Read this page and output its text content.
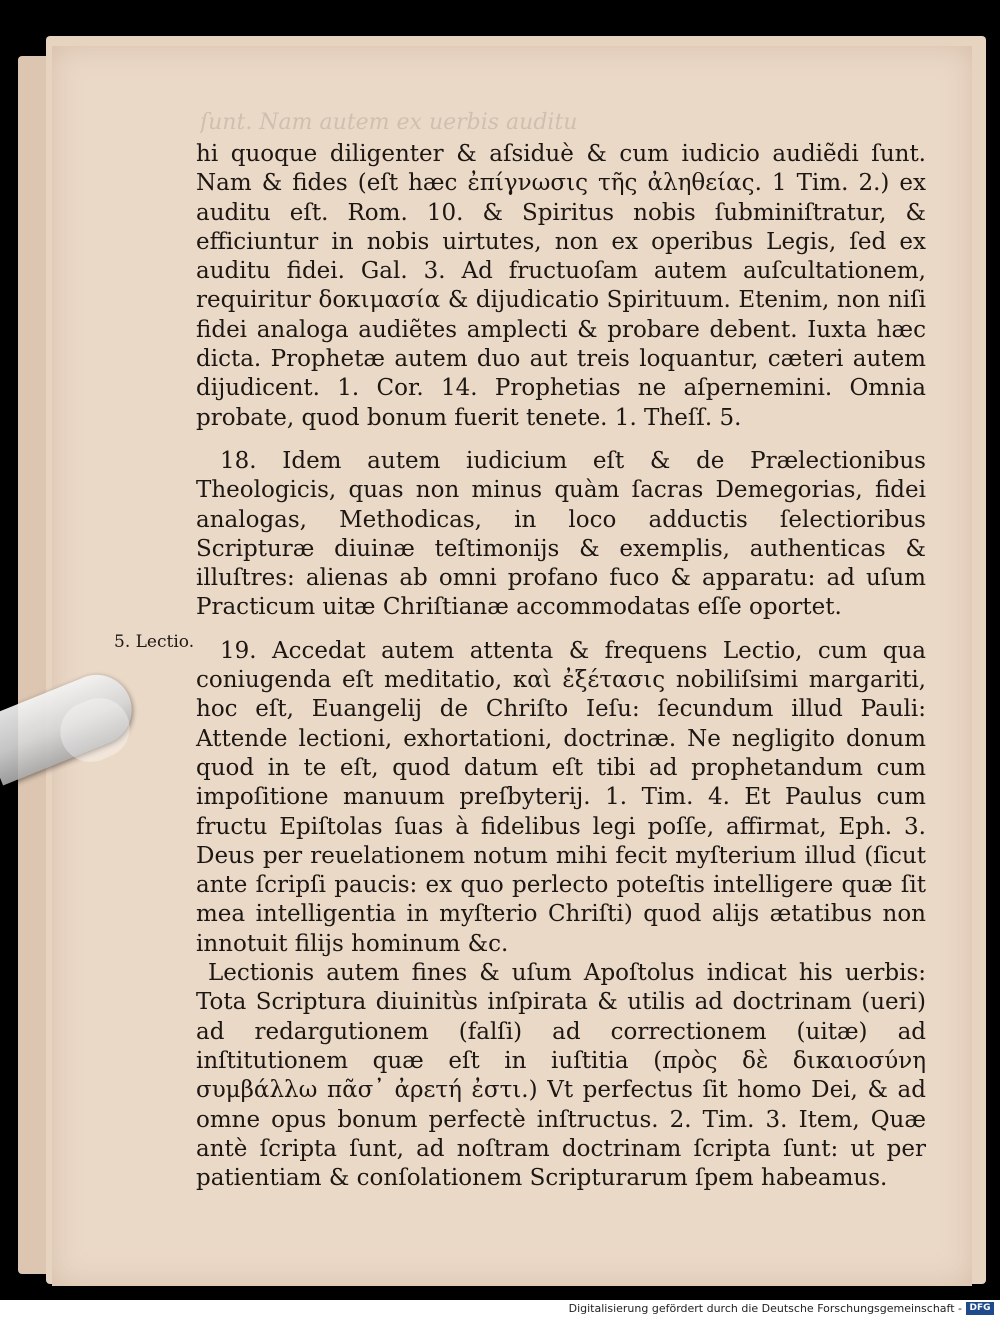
ſunt. Nam autem ex uerbis auditu

hi quoque diligenter & aſsiduè & cum iudicio audiẽdi ſunt. Nam & fides (eſt hæc ἐπίγνωσις τῆς ἀληθείας. 1 Tim. 2.) ex auditu eſt. Rom. 10. & Spiritus nobis ſubminiſtratur, & efficiuntur in nobis uirtutes, non ex operibus Legis, ſed ex auditu fidei. Gal. 3. Ad fructuoſam autem auſcultationem, requiritur δοκιμασία & dijudicatio Spirituum. Etenim, non niſi fidei analoga audiẽtes amplecti & probare debent. Iuxta hæc dicta. Prophetæ autem duo aut treis loquantur, cæteri autem dijudicent. 1. Cor. 14. Prophetias ne aſpernemini. Omnia probate, quod bonum fuerit tenete. 1. Theſſ. 5.

18. Idem autem iudicium eſt & de Prælectionibus Theologicis, quas non minus quàm ſacras Demegorias, fidei analogas, Methodicas, in loco adductis ſelectioribus Scripturæ diuinæ teſtimonijs & exemplis, authenticas & illuſtres: alienas ab omni profano fuco & apparatu: ad uſum Practicum uitæ Chriſtianæ accommodatas eſſe oportet.

19. Accedat autem attenta & frequens Lectio, cum qua coniugenda eſt meditatio, καὶ ἐξέτασις nobiliſsimi margariti, hoc eſt, Euangelij de Chriſto Ieſu: ſecundum illud Pauli: Attende lectioni, exhortationi, doctrinæ. Ne negligito donum quod in te eſt, quod datum eſt tibi ad prophetandum cum impoſitione manuum preſbyterij. 1. Tim. 4. Et Paulus cum fructu Epiſtolas ſuas à fidelibus legi poſſe, affirmat, Eph. 3. Deus per reuelationem notum mihi fecit myſterium illud (ſicut ante ſcripſi paucis: ex quo perlecto poteſtis intelligere quæ ſit mea intelligentia in myſterio Chriſti) quod alijs ætatibus non innotuit filijs hominum &c.

Lectionis autem fines & uſum Apoſtolus indicat his uerbis: Tota Scriptura diuinitùs inſpirata & utilis ad doctrinam (ueri) ad redargutionem (falſi) ad correctionem (uitæ) ad inſtitutionem quæ eſt in iuſtitia (πρὸς δὲ δικαιοσύνη συμβάλλω πᾶσ᾽ ἀρετή ἐστι.) Vt perfectus ſit homo Dei, & ad omne opus bonum perfectè inſtructus. 2. Tim. 3. Item, Quæ antè ſcripta ſunt, ad noſtram doctrinam ſcripta ſunt: ut per patientiam & conſolationem Scripturarum ſpem habeamus.

5. Lectio.
Digitalisierung gefördert durch die Deutsche Forschungsgemeinschaft - DFG
